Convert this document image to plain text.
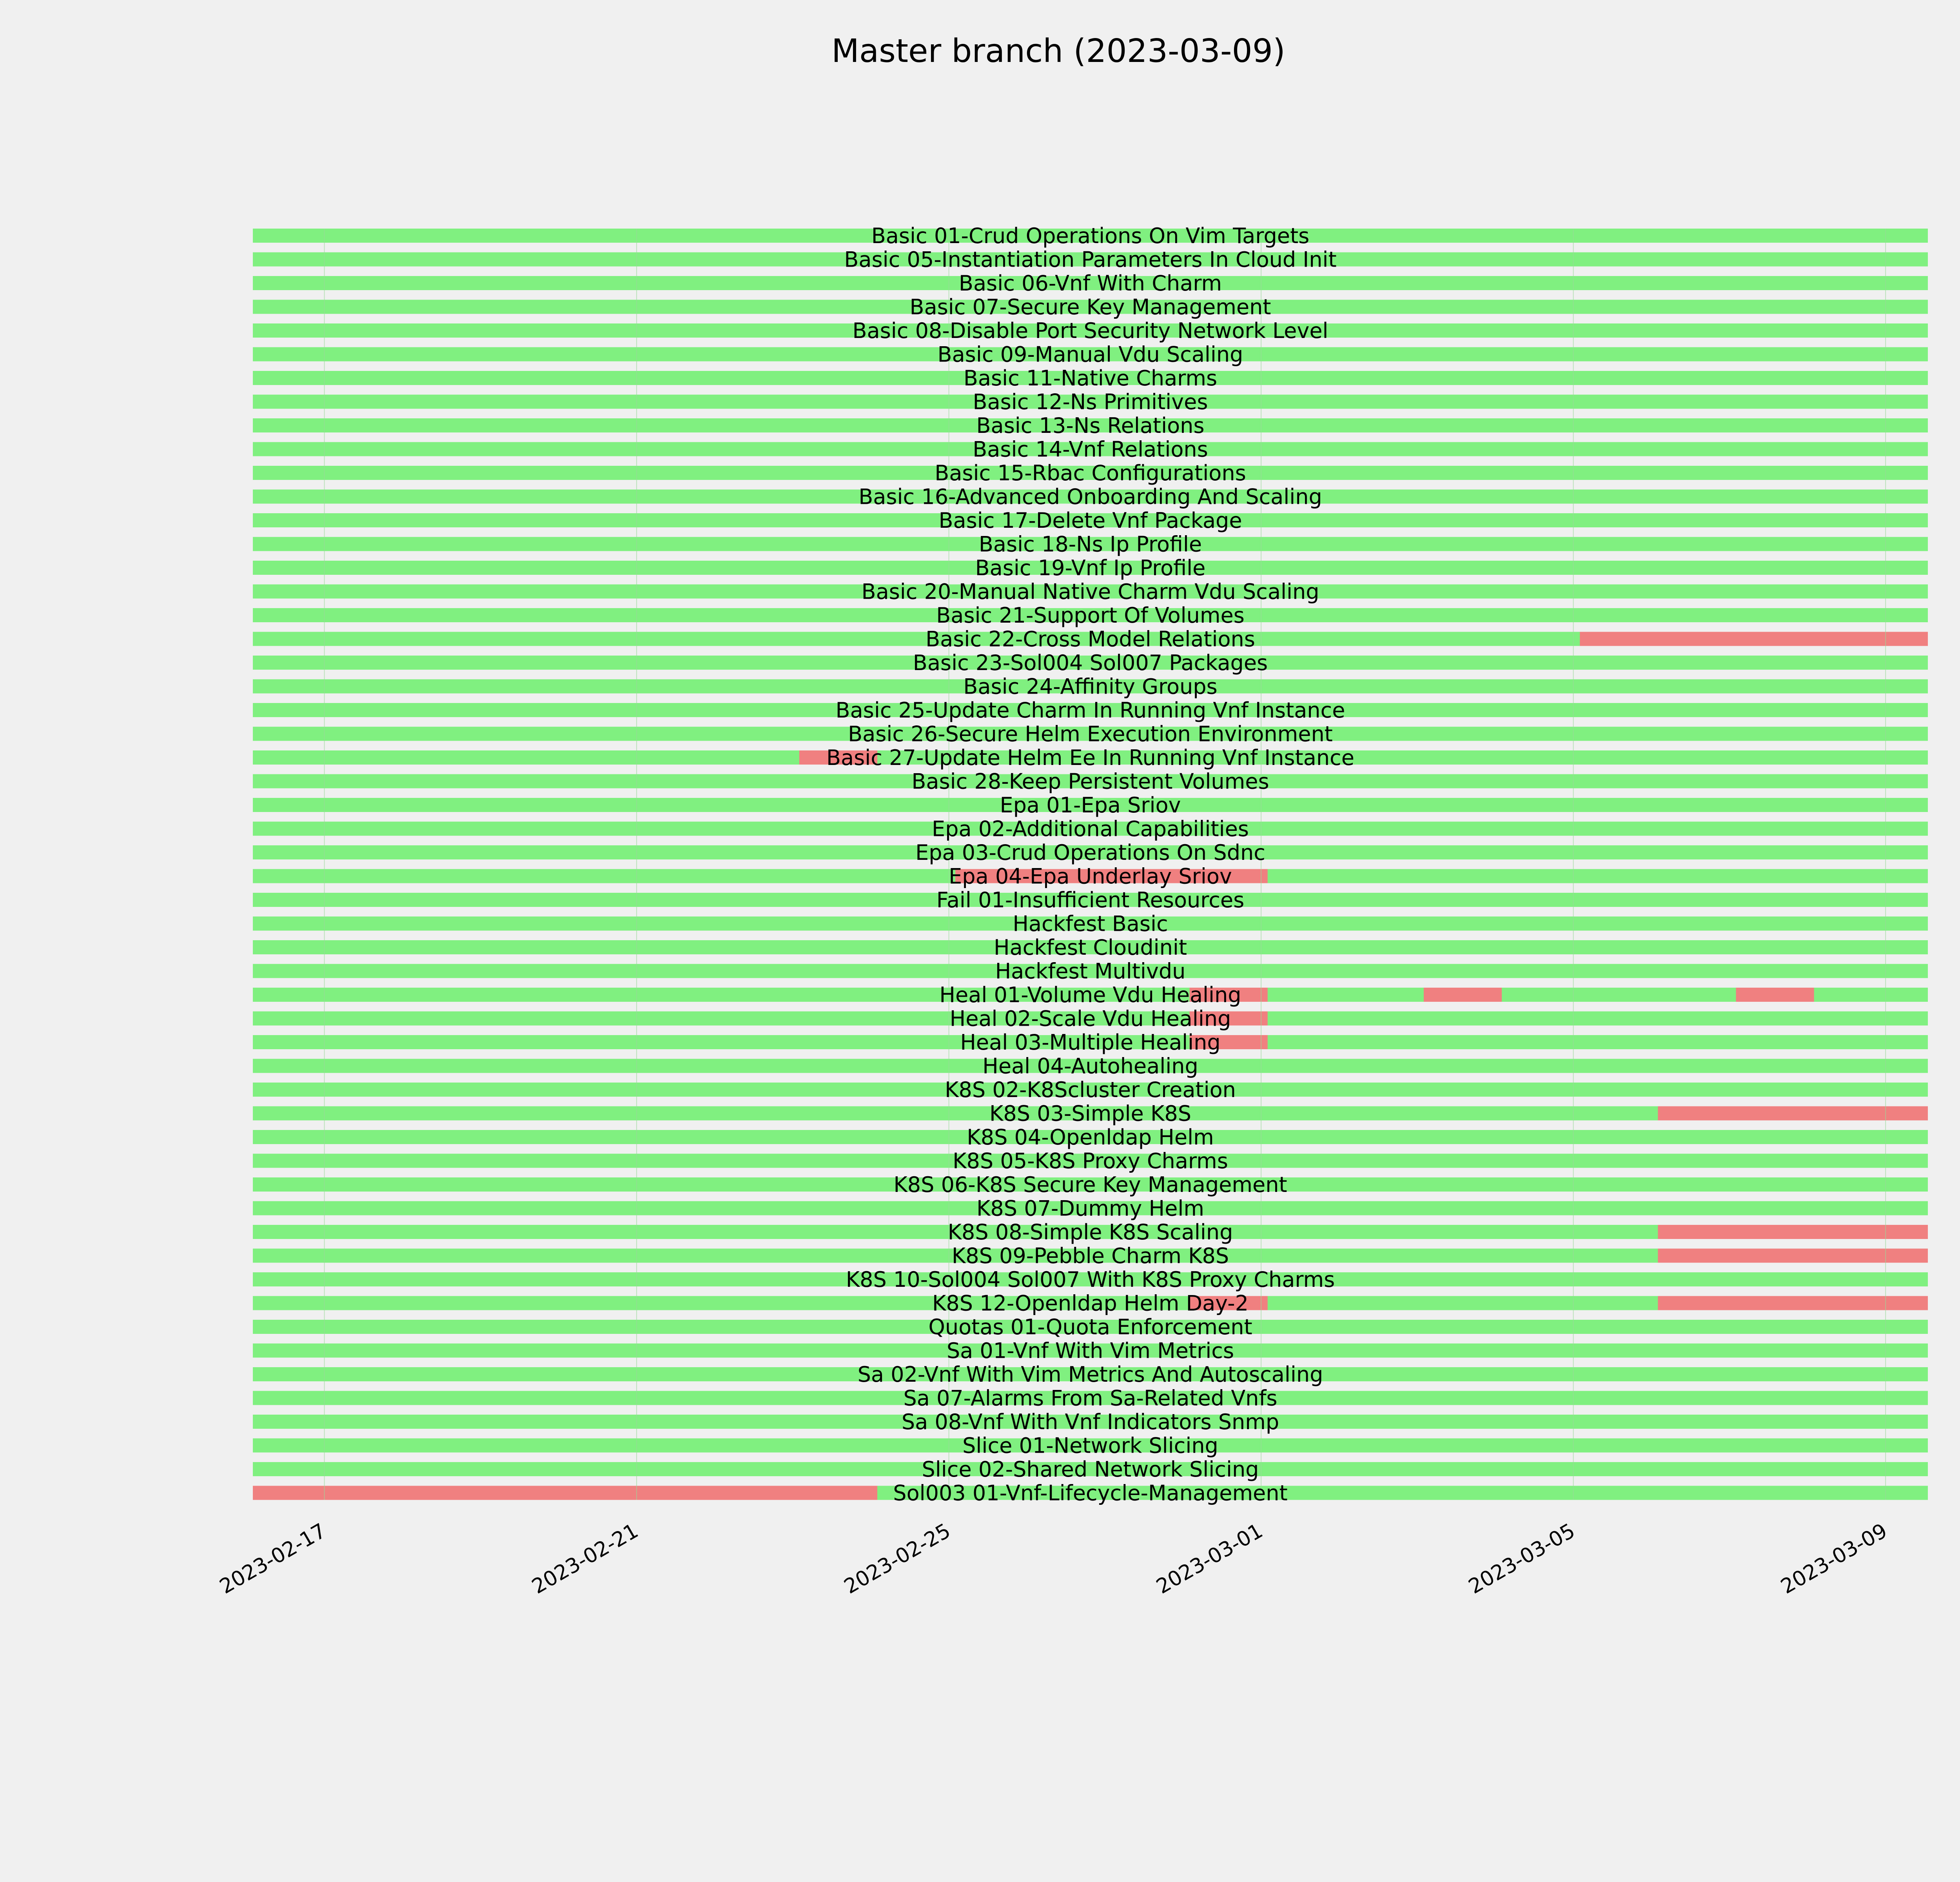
Master branch (2023-03-09)
Basic 01-Crud Operations On Vim Targets
Basic 05-Instantiation Parameters In Cloud Init
Basic 06-Vnf With Charm
Basic 07-Secure Key Management
Basic 08-Disable Port Security Network Level
Basic 09-Manual Vdu Scaling
Basic 11-Native Charms
Basic 12-Ns Primitives
Basic 13-Ns Relations
Basic 14-Vnf Relations
Basic 15-Rbac Configurations
Basic 16-Advanced Onboarding And Scaling
Basic 17-Delete Vnf Package
Basic 18-Ns Ip Profile
Basic 19-Vnf Ip Profile
Basic 20-Manual Native Charm Vdu Scaling
Basic 21-Support Of Volumes
Basic 22-Cross Model Relations
Basic 23-Sol004 Sol007 Packages
Basic 24-Affinity Groups
Basic 25-Update Charm In Running Vnf Instance
Basic 26-Secure Helm Execution Environment
Basic 27-Update Helm Ee In Running Vnf Instance
Basic 28-Keep Persistent Volumes
Epa 01-Epa Sriov
Epa 02-Additional Capabilities
Epa 03-Crud Operations On Sdnc
Epa 04-Epa Underlay Sriov
Fail 01-Insufficient Resources
Hackfest Basic
Hackfest Cloudinit
Hackfest Multivdu
Heal 01-Volume Vdu Healing
Heal 02-Scale Vdu Healing
Heal 03-Multiple Healing
Heal 04-Autohealing
K8S 02-K8Scluster Creation
K8S 03-Simple K8S
K8S 04-Openldap Helm
K8S 05-K8S Proxy Charms
K8S 06-K8S Secure Key Management
K8S 07-Dummy Helm
K8S 08-Simple K8S Scaling
K8S 09-Pebble Charm K8S
K8S 10-Sol004 Sol007 With K8S Proxy Charms
K8S 12-Openldap Helm Day-2
Quotas 01-Quota Enforcement
Sa 01-Vnf With Vim Metrics
Sa 02-Vnf With Vim Metrics And Autoscaling
Sa 07-Alarms From Sa-Related Vnfs
Sa 08-Vnf With Vnf Indicators Snmp
Slice 01-Network Slicing
Slice 02-Shared Network Slicing
Sol003 01-Vnf-Lifecycle-Management
2023-02-17	2023-02-21	2023-02-25	2023-03-01	2023-03-05	2023-03-09
